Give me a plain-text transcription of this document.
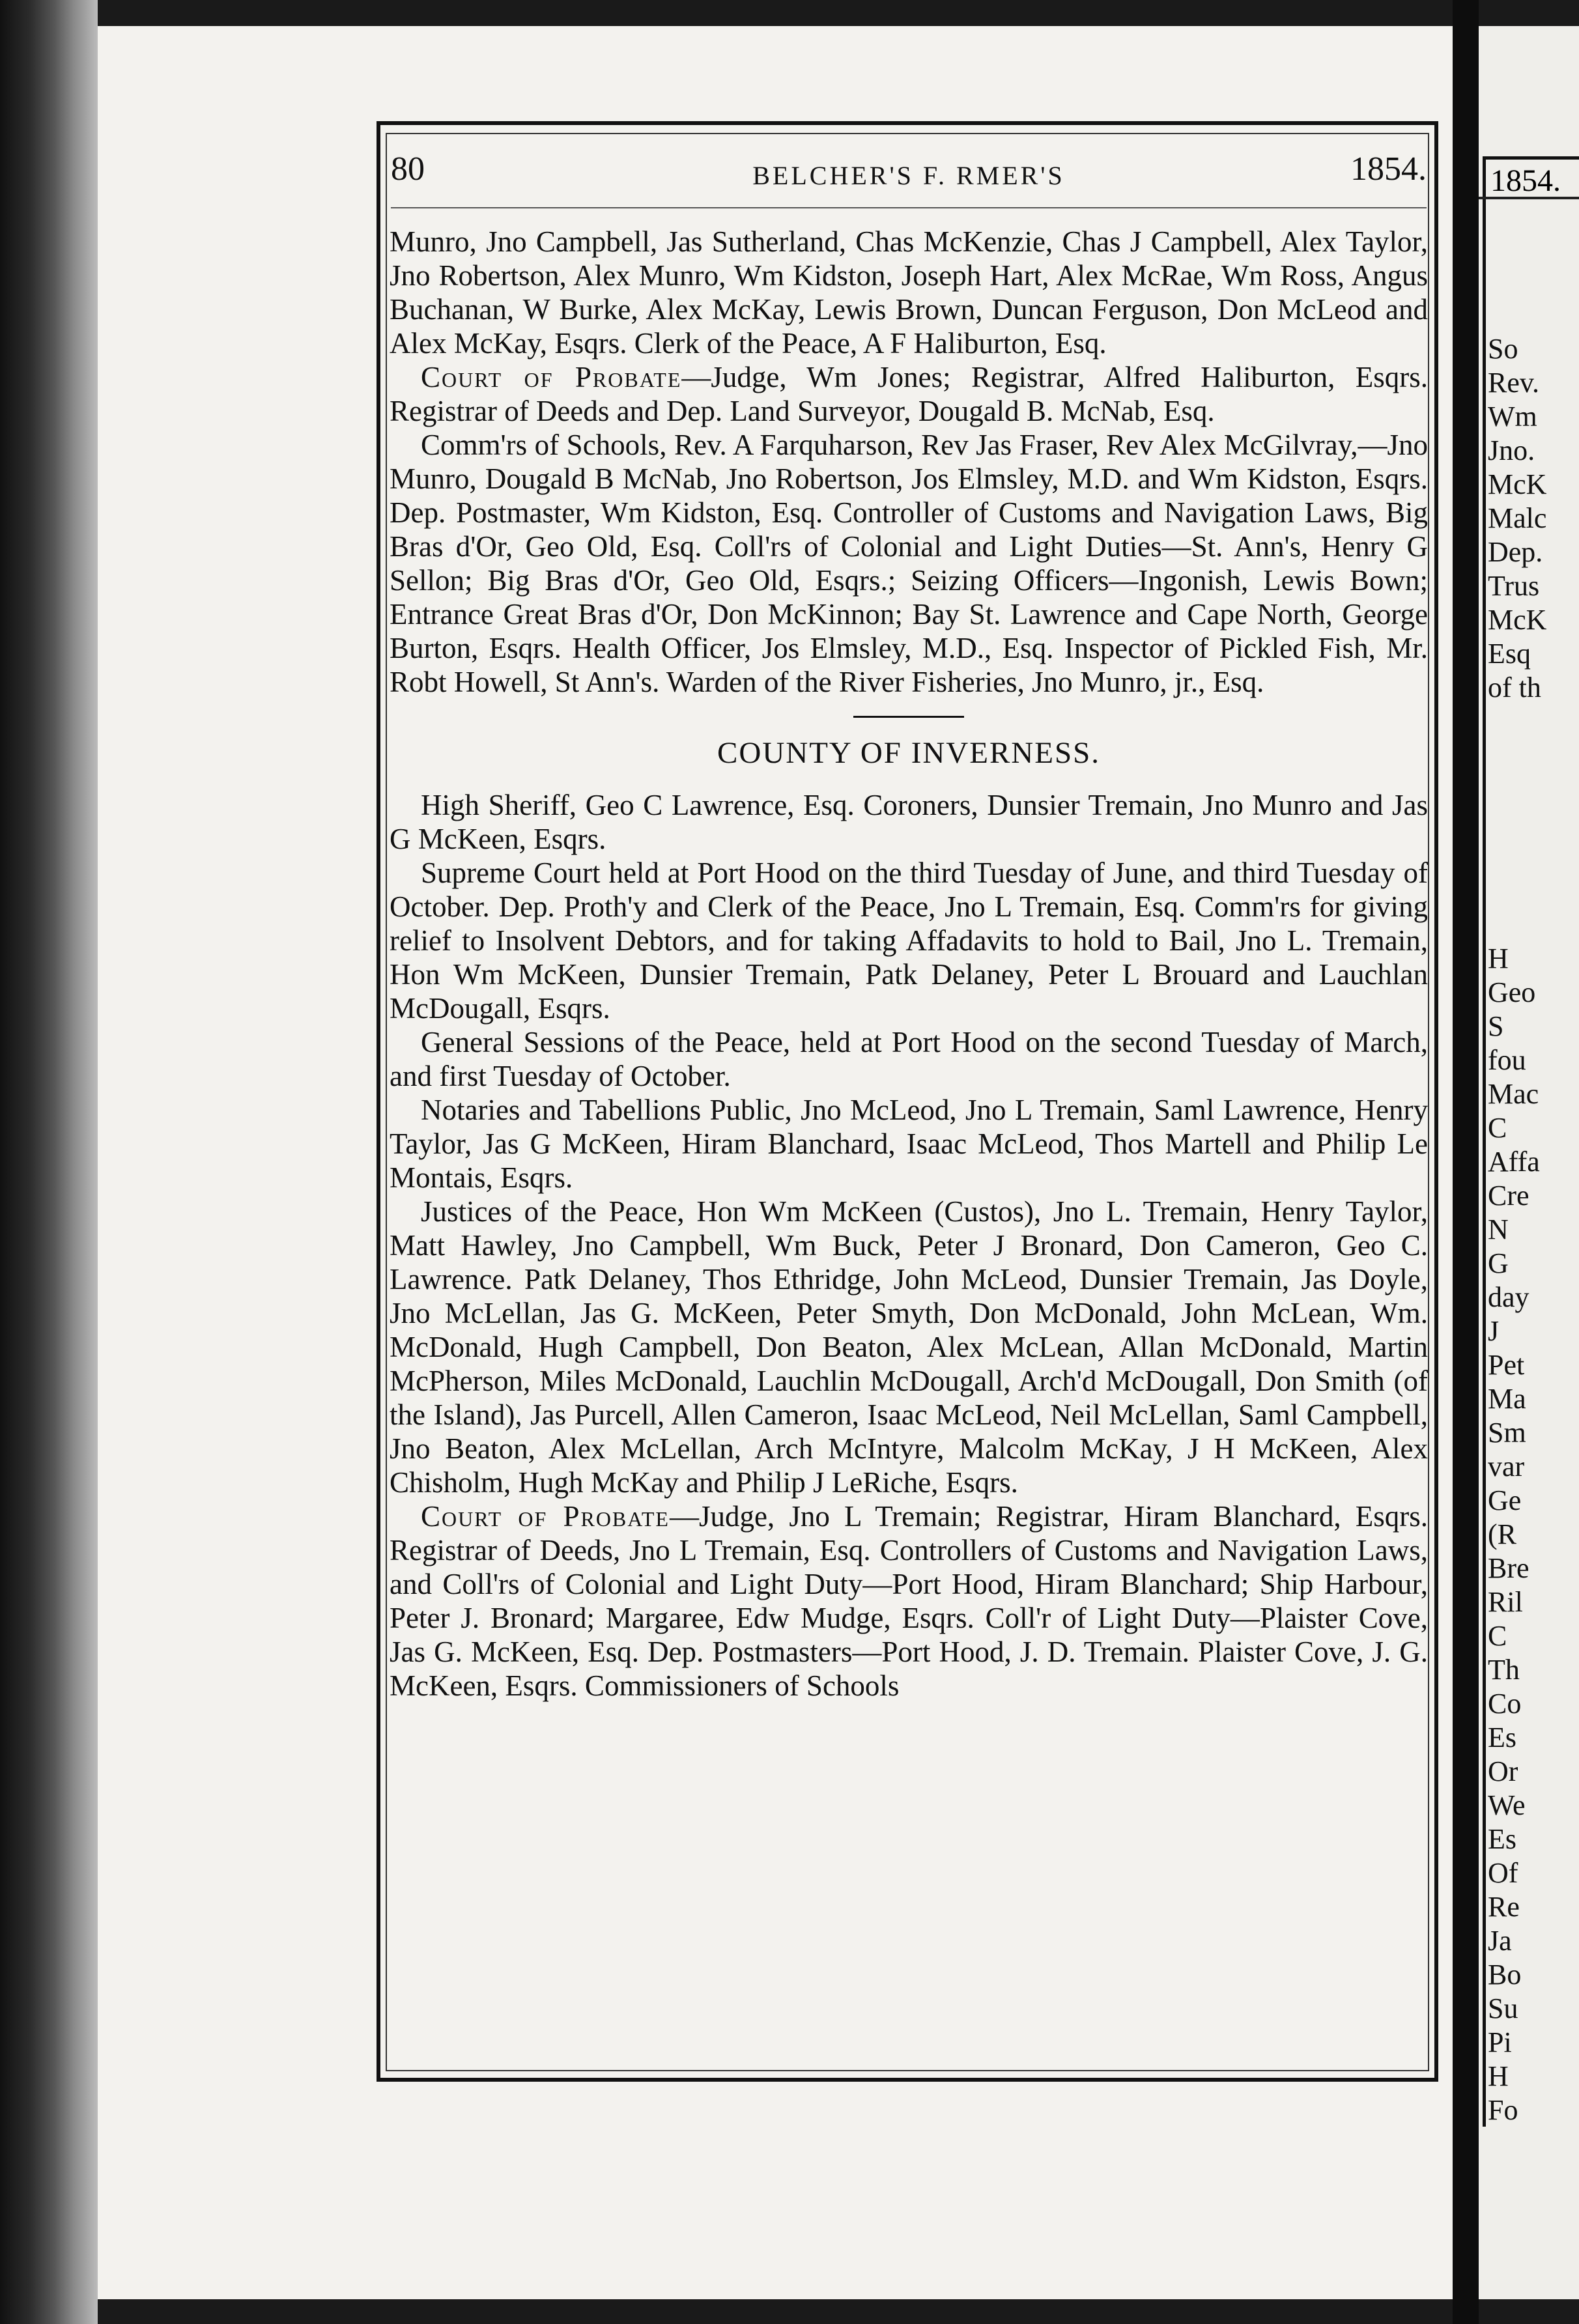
1854.
So
Rev.
Wm
Jno.
McK
Malc
Dep.
Trus
McK
Esq
of th

H
Geo
S
fou
Mac
C
Affa
Cre
N
G
day
J
Pet
Ma
Sm
var
Ge
(R
Bre
Ril
C
Th
Co
Es
Or
We
Es
Of
Re
Ja
Bo
Su
Pi
H
Fo
80	BELCHER'S F. RMER'S	1854.

Munro, Jno Campbell, Jas Sutherland, Chas McKenzie, Chas J Campbell, Alex Taylor, Jno Robertson, Alex Munro, Wm Kidston, Joseph Hart, Alex McRae, Wm Ross, Angus Buchanan, W Burke, Alex McKay, Lewis Brown, Duncan Ferguson, Don McLeod and Alex McKay, Esqrs. Clerk of the Peace, A F Haliburton, Esq.

Court of Probate—Judge, Wm Jones; Registrar, Alfred Haliburton, Esqrs. Registrar of Deeds and Dep. Land Surveyor, Dougald B. McNab, Esq.

Comm'rs of Schools, Rev. A Farquharson, Rev Jas Fraser, Rev Alex McGilvray,—Jno Munro, Dougald B McNab, Jno Robertson, Jos Elmsley, M.D. and Wm Kidston, Esqrs. Dep. Postmaster, Wm Kidston, Esq. Controller of Customs and Navigation Laws, Big Bras d'Or, Geo Old, Esq. Coll'rs of Colonial and Light Duties—St. Ann's, Henry G Sellon; Big Bras d'Or, Geo Old, Esqrs.; Seizing Officers—Ingonish, Lewis Bown; Entrance Great Bras d'Or, Don McKinnon; Bay St. Lawrence and Cape North, George Burton, Esqrs. Health Officer, Jos Elmsley, M.D., Esq. Inspector of Pickled Fish, Mr. Robt Howell, St Ann's. Warden of the River Fisheries, Jno Munro, jr., Esq.

COUNTY OF INVERNESS.

High Sheriff, Geo C Lawrence, Esq. Coroners, Dunsier Tremain, Jno Munro and Jas G McKeen, Esqrs.

Supreme Court held at Port Hood on the third Tuesday of June, and third Tuesday of October. Dep. Proth'y and Clerk of the Peace, Jno L Tremain, Esq. Comm'rs for giving relief to Insolvent Debtors, and for taking Affadavits to hold to Bail, Jno L. Tremain, Hon Wm McKeen, Dunsier Tremain, Patk Delaney, Peter L Brouard and Lauchlan McDougall, Esqrs.

General Sessions of the Peace, held at Port Hood on the second Tuesday of March, and first Tuesday of October.

Notaries and Tabellions Public, Jno McLeod, Jno L Tremain, Saml Lawrence, Henry Taylor, Jas G McKeen, Hiram Blanchard, Isaac McLeod, Thos Martell and Philip Le Montais, Esqrs.

Justices of the Peace, Hon Wm McKeen (Custos), Jno L. Tremain, Henry Taylor, Matt Hawley, Jno Campbell, Wm Buck, Peter J Bronard, Don Cameron, Geo C. Lawrence. Patk Delaney, Thos Ethridge, John McLeod, Dunsier Tremain, Jas Doyle, Jno McLellan, Jas G. McKeen, Peter Smyth, Don McDonald, John McLean, Wm. McDonald, Hugh Campbell, Don Beaton, Alex McLean, Allan McDonald, Martin McPherson, Miles McDonald, Lauchlin McDougall, Arch'd McDougall, Don Smith (of the Island), Jas Purcell, Allen Cameron, Isaac McLeod, Neil McLellan, Saml Campbell, Jno Beaton, Alex McLellan, Arch McIntyre, Malcolm McKay, J H McKeen, Alex Chisholm, Hugh McKay and Philip J LeRiche, Esqrs.

Court of Probate—Judge, Jno L Tremain; Registrar, Hiram Blanchard, Esqrs. Registrar of Deeds, Jno L Tremain, Esq. Controllers of Customs and Navigation Laws, and Coll'rs of Colonial and Light Duty—Port Hood, Hiram Blanchard; Ship Harbour, Peter J. Bronard; Margaree, Edw Mudge, Esqrs. Coll'r of Light Duty—Plaister Cove, Jas G. McKeen, Esq. Dep. Postmasters—Port Hood, J. D. Tremain. Plaister Cove, J. G. McKeen, Esqrs. Commissioners of Schools
